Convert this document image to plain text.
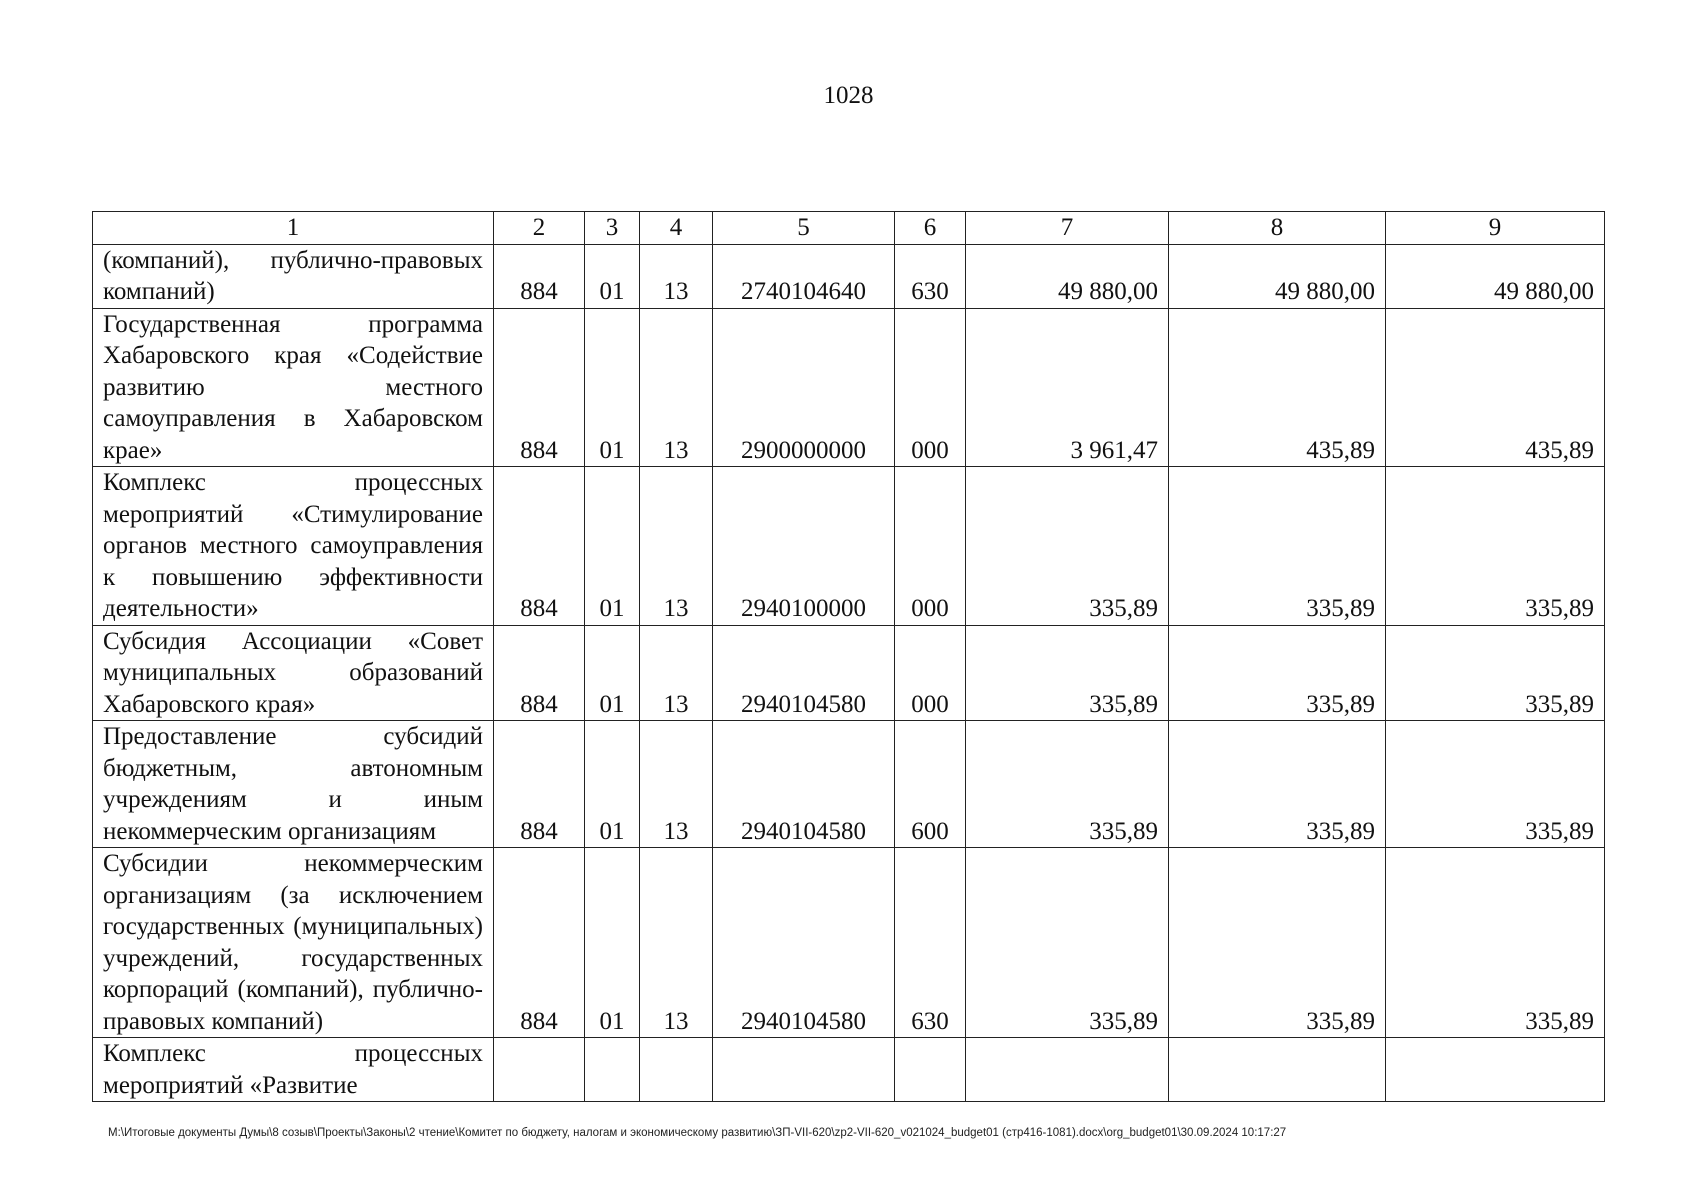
1028
1	2	3	4	5	6	7	8	9
(компаний), публично-правовых компаний)	884	01	13	2740104640	630	49 880,00	49 880,00	49 880,00
Государственная программа Хабаровского края «Содействие развитию местного самоуправления в Хабаровском крае»	884	01	13	2900000000	000	3 961,47	435,89	435,89
Комплекс процессных мероприятий «Стимулирование органов местного самоуправления к повышению эффективности деятельности»	884	01	13	2940100000	000	335,89	335,89	335,89
Субсидия Ассоциации «Совет муниципальных образований Хабаровского края»	884	01	13	2940104580	000	335,89	335,89	335,89
Предоставление субсидий бюджетным, автономным учреждениям и иным некоммерческим организациям	884	01	13	2940104580	600	335,89	335,89	335,89
Субсидии некоммерческим организациям (за исключением государственных (муниципальных) учреждений, государственных корпораций (компаний), публично-правовых компаний)	884	01	13	2940104580	630	335,89	335,89	335,89
Комплекс процессных мероприятий «Развитие								
M:\Итоговые документы Думы\8 созыв\Проекты\Законы\2 чтение\Комитет по бюджету, налогам и экономическому развитию\ЗП-VII-620\zp2-VII-620_v021024_budget01 (стр416-1081).docx\org_budget01\30.09.2024 10:17:27
